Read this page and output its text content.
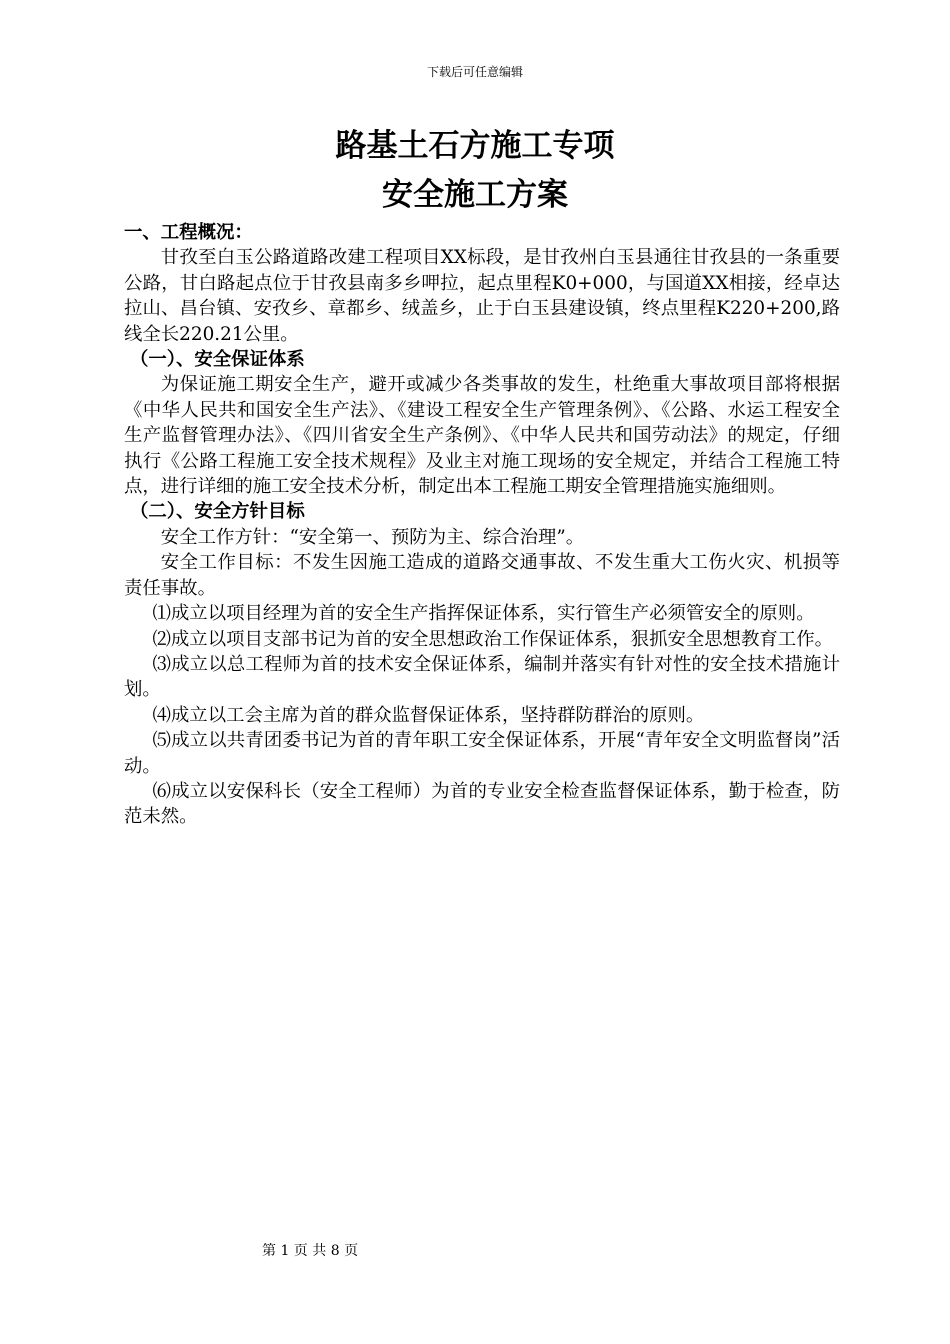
下载后可任意编辑
路基土石方施工专项
安全施工方案

一、工程概况：

甘孜至白玉公路道路改建工程项目XX标段，是甘孜州白玉县通往甘孜县的一条重要公路，甘白路起点位于甘孜县南多乡呷拉，起点里程K0+000，与国道XX相接，经卓达拉山、昌台镇、安孜乡、章都乡、绒盖乡，止于白玉县建设镇，终点里程K220+200,路线全长220.21公里。

（一）、安全保证体系

为保证施工期安全生产，避开或减少各类事故的发生，杜绝重大事故项目部将根据《中华人民共和国安全生产法》、《建设工程安全生产管理条例》、《公路、水运工程安全生产监督管理办法》、《四川省安全生产条例》、《中华人民共和国劳动法》的规定，仔细执行《公路工程施工安全技术规程》及业主对施工现场的安全规定，并结合工程施工特点，进行详细的施工安全技术分析，制定出本工程施工期安全管理措施实施细则。

（二）、安全方针目标

安全工作方针：“安全第一、预防为主、综合治理”。

安全工作目标：不发生因施工造成的道路交通事故、不发生重大工伤火灾、机损等责任事故。

⑴成立以项目经理为首的安全生产指挥保证体系，实行管生产必须管安全的原则。

⑵成立以项目支部书记为首的安全思想政治工作保证体系，狠抓安全思想教育工作。

⑶成立以总工程师为首的技术安全保证体系，编制并落实有针对性的安全技术措施计划。

⑷成立以工会主席为首的群众监督保证体系，坚持群防群治的原则。

⑸成立以共青团委书记为首的青年职工安全保证体系，开展“青年安全文明监督岗”活动。

⑹成立以安保科长（安全工程师）为首的专业安全检查监督保证体系，勤于检查，防范未然。

第 1 页 共 8 页
